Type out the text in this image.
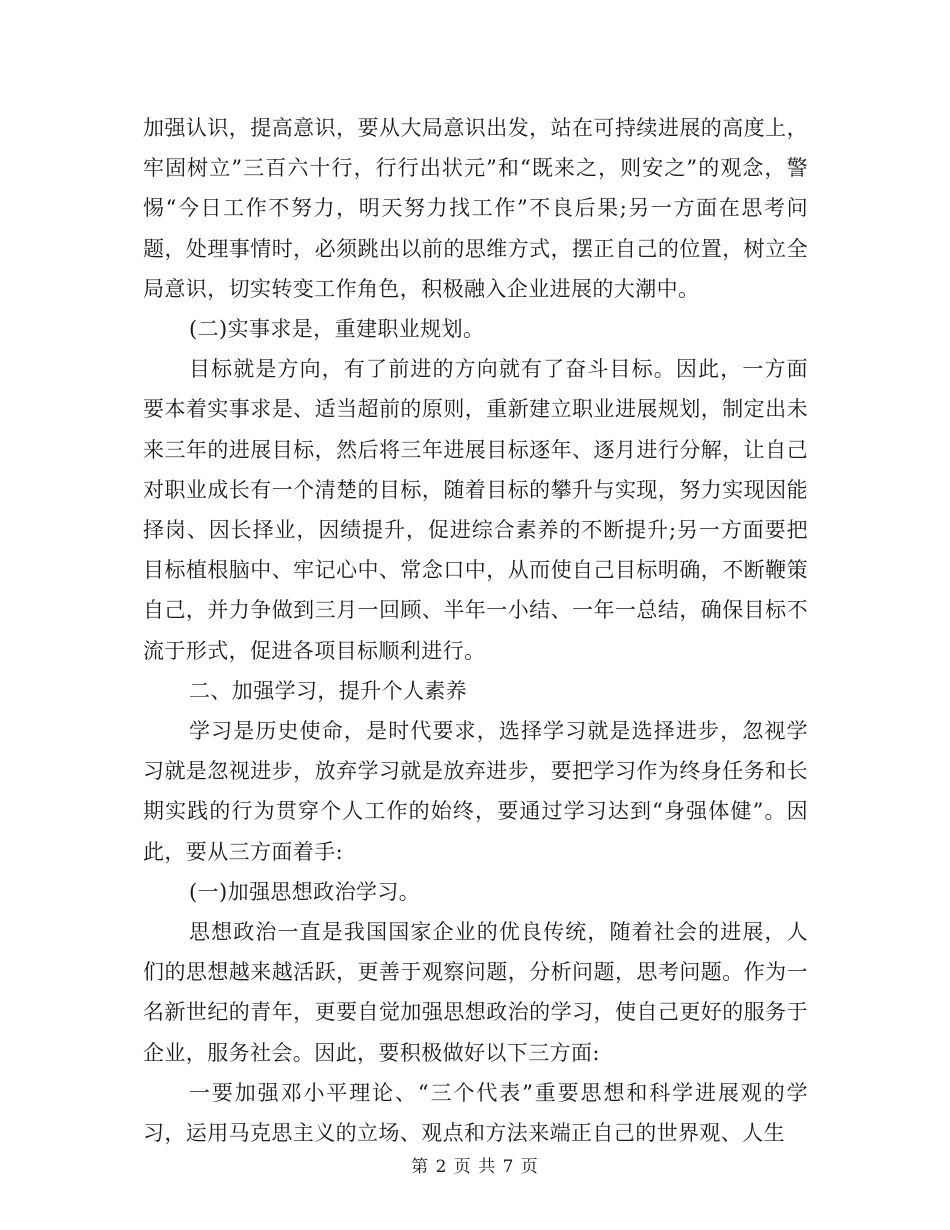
加强认识，提高意识，要从大局意识出发，站在可持续进展的高度上，牢固树立”三百六十行，行行出状元”和“既来之，则安之”的观念，警惕“今日工作不努力，明天努力找工作”不良后果;另一方面在思考问题，处理事情时，必须跳出以前的思维方式，摆正自己的位置，树立全局意识，切实转变工作角色，积极融入企业进展的大潮中。

(二)实事求是，重建职业规划。

目标就是方向，有了前进的方向就有了奋斗目标。因此，一方面要本着实事求是、适当超前的原则，重新建立职业进展规划，制定出未来三年的进展目标，然后将三年进展目标逐年、逐月进行分解，让自己对职业成长有一个清楚的目标，随着目标的攀升与实现，努力实现因能择岗、因长择业，因绩提升，促进综合素养的不断提升;另一方面要把目标植根脑中、牢记心中、常念口中，从而使自己目标明确，不断鞭策自己，并力争做到三月一回顾、半年一小结、一年一总结，确保目标不流于形式，促进各项目标顺利进行。

二、加强学习，提升个人素养

学习是历史使命，是时代要求，选择学习就是选择进步，忽视学习就是忽视进步，放弃学习就是放弃进步，要把学习作为终身任务和长期实践的行为贯穿个人工作的始终，要通过学习达到“身强体健”。因此，要从三方面着手:

(一)加强思想政治学习。

思想政治一直是我国国家企业的优良传统，随着社会的进展，人们的思想越来越活跃，更善于观察问题，分析问题，思考问题。作为一名新世纪的青年，更要自觉加强思想政治的学习，使自己更好的服务于企业，服务社会。因此，要积极做好以下三方面:

一要加强邓小平理论、“三个代表”重要思想和科学进展观的学习，运用马克思主义的立场、观点和方法来端正自己的世界观、人生

第 2 页 共 7 页
